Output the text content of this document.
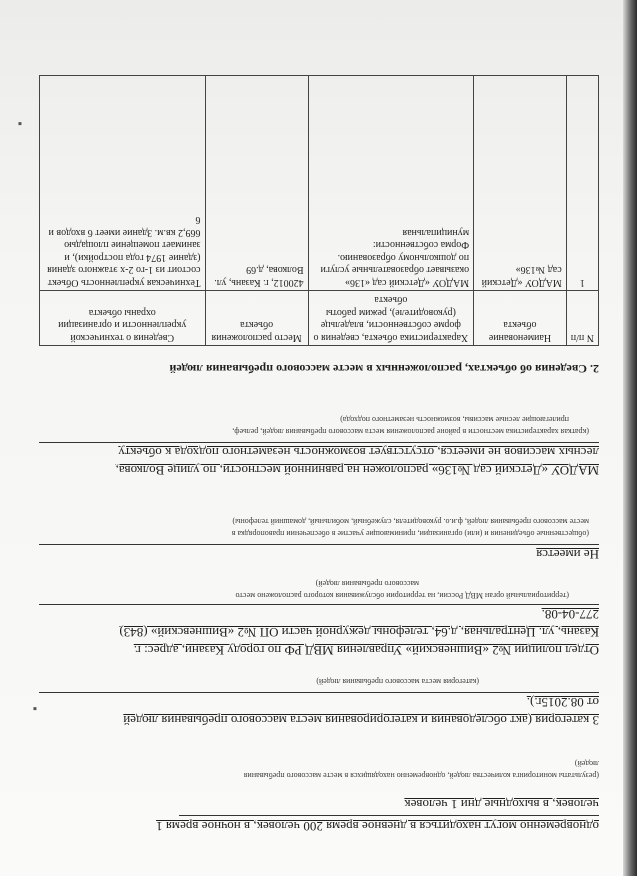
одновременно могут находиться в дневное время 200 человек, в ночное время 1
человек, в выходные дни 1 человек
(результаты мониторинга количества людей, одновременно находящихся в месте массового пребывания
людей)
3 категория (акт обследования и категорирования места массового пребывания людей
от 08.2015г.).
(категория места массового пребывания людей)
Отдел полиции №2 «Вишневский» Управления МВД РФ по городу Казани, адрес: г.
Казань, ул. Центральная, д.64, телефоны дежурной части ОП №2 «Вишневский» (843)
277-04-08.
(территориальный орган МВД России, на территории обслуживания которого расположено место
массового пребывания людей)
Не имеется
(общественные объединения и (или) организации, принимающие участие в обеспечении правопорядка в
месте массового пребывания людей, ф.и.о. руководителя, служебный, мобильный, домашний телефоны)
МАДОУ «Детский сад №136» расположен на равнинной местности, по улице Волкова,
лесных массивов не имеется, отсутствует возможность незаметного подхода к объекту
(краткая характеристика местности в районе расположения места массового пребывания людей, рельеф,
прилегающие лесные массивы, возможность незаметного подхода)
2. Сведения об объектах, расположенных в месте массового пребывания людей
N п/п	Наименование объекта	Характеристика объекта, сведения о форме собственности, владельце (руководителе), режим работы объекта	Место расположения объекта	Сведения о технической укрепленности и организации охраны объекта
1	МАДОУ «Детский сад №136»	МАДОУ «Детский сад «136» оказывает образовательные услуги по дошкольному образованию. Форма собственности: муниципальная	420012, г. Казань, ул. Волкова, д.69	Техническая укрепленность Объект состоит из 1-го 2-х этажного здания (здание 1974 года постройки), и занимает помещение площадью 669,2 кв.м. Здание имеет 6 входов и 6
▪
▪
